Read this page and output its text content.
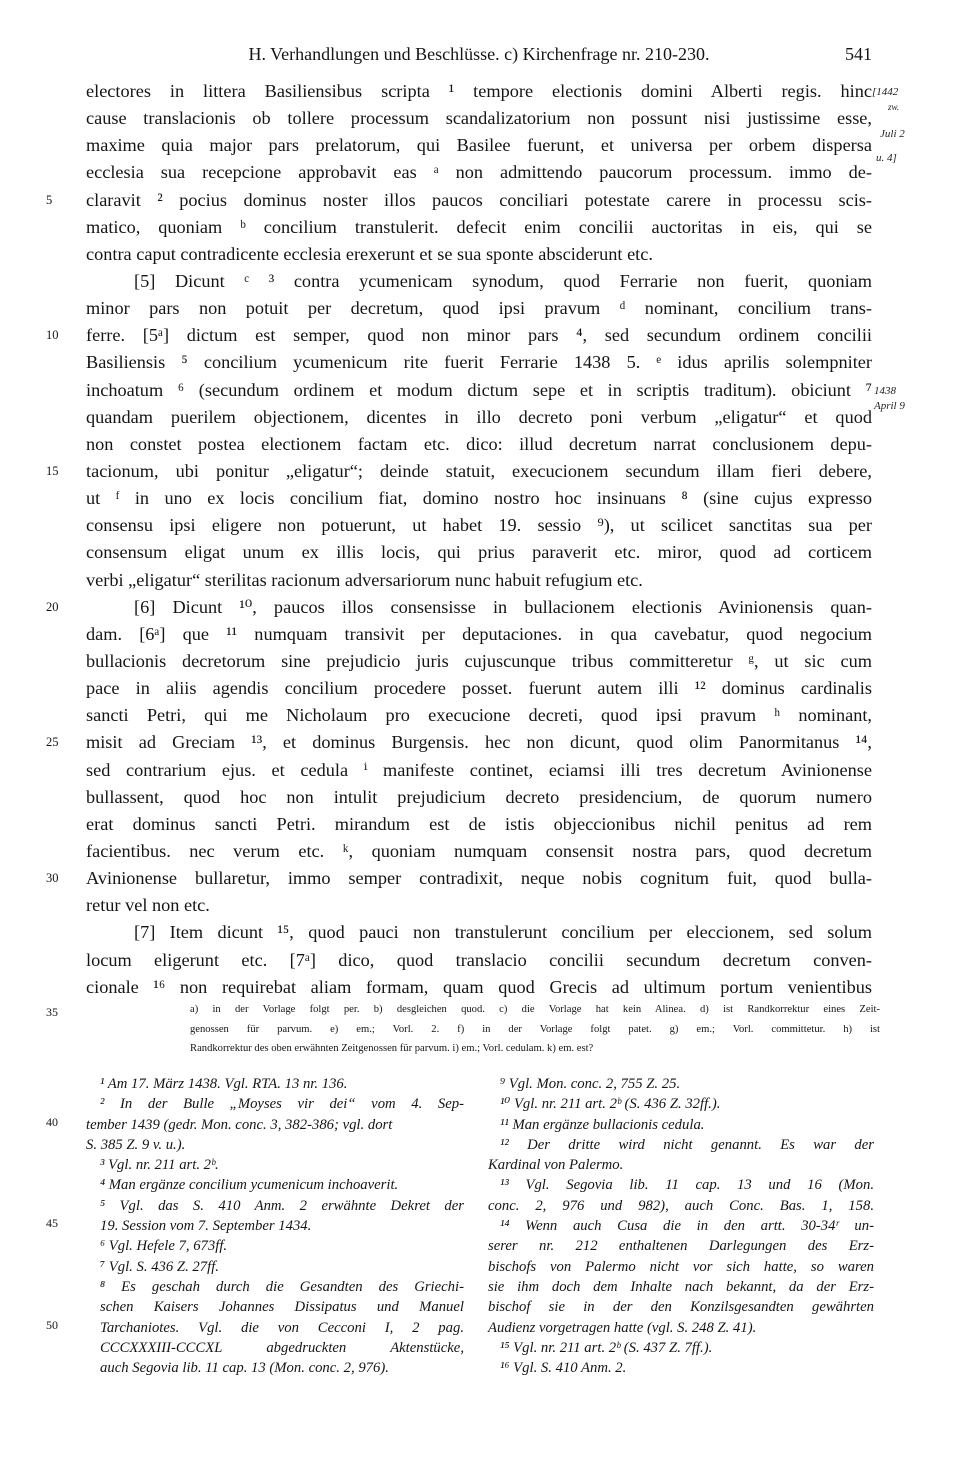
H. Verhandlungen und Beschlüsse. c) Kirchenfrage nr. 210-230.	541
electores in littera Basiliensibus scripta ¹ tempore electionis domini Alberti regis. hinc
cause translacionis ob tollere processum scandalizatorium non possunt nisi justissime esse,
maxime quia major pars prelatorum, qui Basilee fuerunt, et universa per orbem dispersa
ecclesia sua recepcione approbavit eas ᵃ non admittendo paucorum processum. immo de-
5	claravit ² pocius dominus noster illos paucos conciliari potestate carere in processu scis-
matico, quoniam ᵇ concilium transtulerit. defecit enim concilii auctoritas in eis, qui se
contra caput contradicente ecclesia erexerunt et se sua sponte absciderunt etc.
[5] Dicunt ᶜ ³ contra ycumenicam synodum, quod Ferrarie non fuerit, quoniam
minor pars non potuit per decretum, quod ipsi pravum ᵈ nominant, concilium trans-
10	ferre. [5ᵃ] dictum est semper, quod non minor pars ⁴, sed secundum ordinem concilii
Basiliensis ⁵ concilium ycumenicum rite fuerit Ferrarie 1438 5. ᵉ idus aprilis solempniter
inchoatum ⁶ (secundum ordinem et modum dictum sepe et in scriptis traditum). obiciunt ⁷
quandam puerilem objectionem, dicentes in illo decreto poni verbum „eligatur“ et quod
non constet postea electionem factam etc. dico: illud decretum narrat conclusionem depu-
15	tacionum, ubi ponitur „eligatur“; deinde statuit, execucionem secundum illam fieri debere,
ut ᶠ in uno ex locis concilium fiat, domino nostro hoc insinuans ⁸ (sine cujus expresso
consensu ipsi eligere non potuerunt, ut habet 19. sessio ⁹), ut scilicet sanctitas sua per
consensum eligat unum ex illis locis, qui prius paraverit etc. miror, quod ad corticem
verbi „eligatur“ sterilitas racionum adversariorum nunc habuit refugium etc.
20	[6] Dicunt ¹⁰, paucos illos consensisse in bullacionem electionis Avinionensis quan-
dam. [6ᵃ] que ¹¹ numquam transivit per deputaciones. in qua cavebatur, quod negocium
bullacionis decretorum sine prejudicio juris cujuscunque tribus committeretur ᵍ, ut sic cum
pace in aliis agendis concilium procedere posset. fuerunt autem illi ¹² dominus cardinalis
sancti Petri, qui me Nicholaum pro execucione decreti, quod ipsi pravum ʰ nominant,
25	misit ad Greciam ¹³, et dominus Burgensis. hec non dicunt, quod olim Panormitanus ¹⁴,
sed contrarium ejus. et cedula ⁱ manifeste continet, eciamsi illi tres decretum Avinionense
bullassent, quod hoc non intulit prejudicium decreto presidencium, de quorum numero
erat dominus sancti Petri. mirandum est de istis objeccionibus nichil penitus ad rem
facientibus. nec verum etc. ᵏ, quoniam numquam consensit nostra pars, quod decretum
30	Avinionense bullaretur, immo semper contradixit, neque nobis cognitum fuit, quod bulla-
retur vel non etc.
[7] Item dicunt ¹⁵, quod pauci non transtulerunt concilium per eleccionem, sed solum
locum eligerunt etc. [7ᵃ] dico, quod translacio concilii secundum decretum conven-
cionale ¹⁶ non requirebat aliam formam, quam quod Grecis ad ultimum portum venientibus
[1442
zw.
Juli 2
u. 4]
1438
April 9
35	a) in der Vorlage folgt per. b) desgleichen quod. c) die Vorlage hat kein Alinea. d) ist Randkorrektur eines Zeit-
genossen für parvum. e) em.; Vorl. 2. f) in der Vorlage folgt patet. g) em.; Vorl. committetur. h) ist
Randkorrektur des oben erwähnten Zeitgenossen für parvum. i) em.; Vorl. cedulam. k) em. est?
¹ Am 17. März 1438. Vgl. RTA. 13 nr. 136.
² In der Bulle „Moyses vir dei“ vom 4. Sep-
tember 1439 (gedr. Mon. conc. 3, 382-386; vgl. dort
S. 385 Z. 9 v. u.).
³ Vgl. nr. 211 art. 2ᵇ.
⁴ Man ergänze concilium ycumenicum inchoaverit.
⁵ Vgl. das S. 410 Anm. 2 erwähnte Dekret der
19. Session vom 7. September 1434.
⁶ Vgl. Hefele 7, 673ff.
⁷ Vgl. S. 436 Z. 27ff.
⁸ Es geschah durch die Gesandten des Griechi-
schen Kaisers Johannes Dissipatus und Manuel
Tarchaniotes. Vgl. die von Cecconi I, 2 pag.
CCCXXXIII-CCCXL abgedruckten Aktenstücke,
auch Segovia lib. 11 cap. 13 (Mon. conc. 2, 976).
⁹ Vgl. Mon. conc. 2, 755 Z. 25.
¹⁰ Vgl. nr. 211 art. 2ᵇ (S. 436 Z. 32ff.).
¹¹ Man ergänze bullacionis cedula.
¹² Der dritte wird nicht genannt. Es war der
Kardinal von Palermo.
¹³ Vgl. Segovia lib. 11 cap. 13 und 16 (Mon.
conc. 2, 976 und 982), auch Conc. Bas. 1, 158.
¹⁴ Wenn auch Cusa die in den artt. 30-34ʳ un-
serer nr. 212 enthaltenen Darlegungen des Erz-
bischofs von Palermo nicht vor sich hatte, so waren
sie ihm doch dem Inhalte nach bekannt, da der Erz-
bischof sie in der den Konzilsgesandten gewährten
Audienz vorgetragen hatte (vgl. S. 248 Z. 41).
¹⁵ Vgl. nr. 211 art. 2ᵇ (S. 437 Z. 7ff.).
¹⁶ Vgl. S. 410 Anm. 2.
40
45
50
